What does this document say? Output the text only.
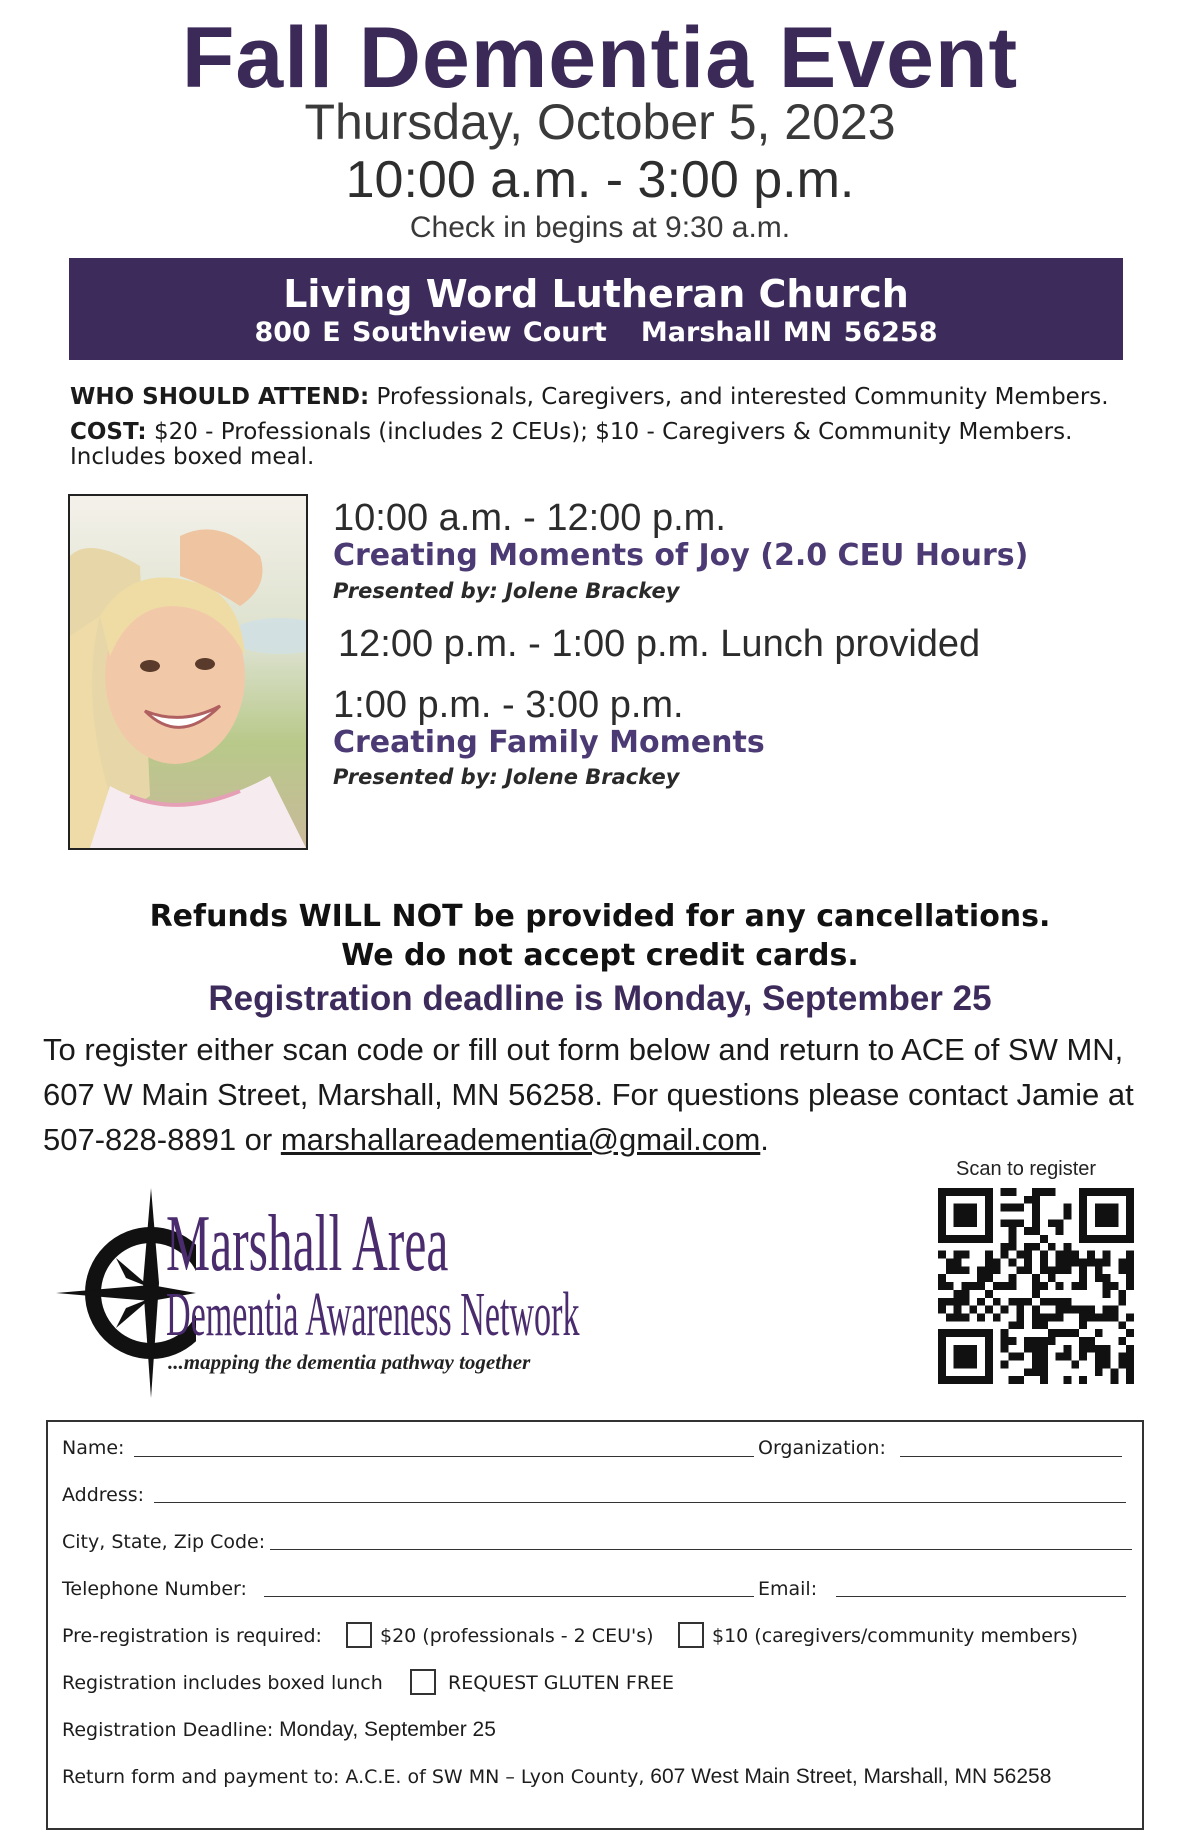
Fall Dementia Event
Thursday, October 5, 2023
10:00 a.m. - 3:00 p.m.
Check in begins at 9:30 a.m.
Living Word Lutheran Church
800 E Southview Court   Marshall MN 56258
WHO SHOULD ATTEND: Professionals, Caregivers, and interested Community Members.
COST: $20 - Professionals (includes 2 CEUs); $10 - Caregivers & Community Members.
Includes boxed meal.
10:00 a.m. - 12:00 p.m.
Creating Moments of Joy (2.0 CEU Hours)
Presented by: Jolene Brackey
12:00 p.m. - 1:00 p.m. Lunch provided
1:00 p.m. - 3:00 p.m.
Creating Family Moments
Presented by: Jolene Brackey
Refunds WILL NOT be provided for any cancellations.
We do not accept credit cards.
Registration deadline is Monday, September 25
To register either scan code or fill out form below and return to ACE of SW MN, 607 W Main Street, Marshall, MN 56258. For questions please contact Jamie at 507-828-8891 or marshallareadementia@gmail.com.
Marshall Area
Dementia Awareness Network
...mapping the dementia pathway together
Scan to register
Name:	Organization:
Address:
City, State, Zip Code:
Telephone Number:	Email:
Pre-registration is required:	$20 (professionals - 2 CEU's)	$10 (caregivers/community members)
Registration includes boxed lunch	REQUEST GLUTEN FREE
Registration Deadline: Monday, September 25
Return form and payment to: A.C.E. of SW MN – Lyon County, 607 West Main Street, Marshall, MN 56258
